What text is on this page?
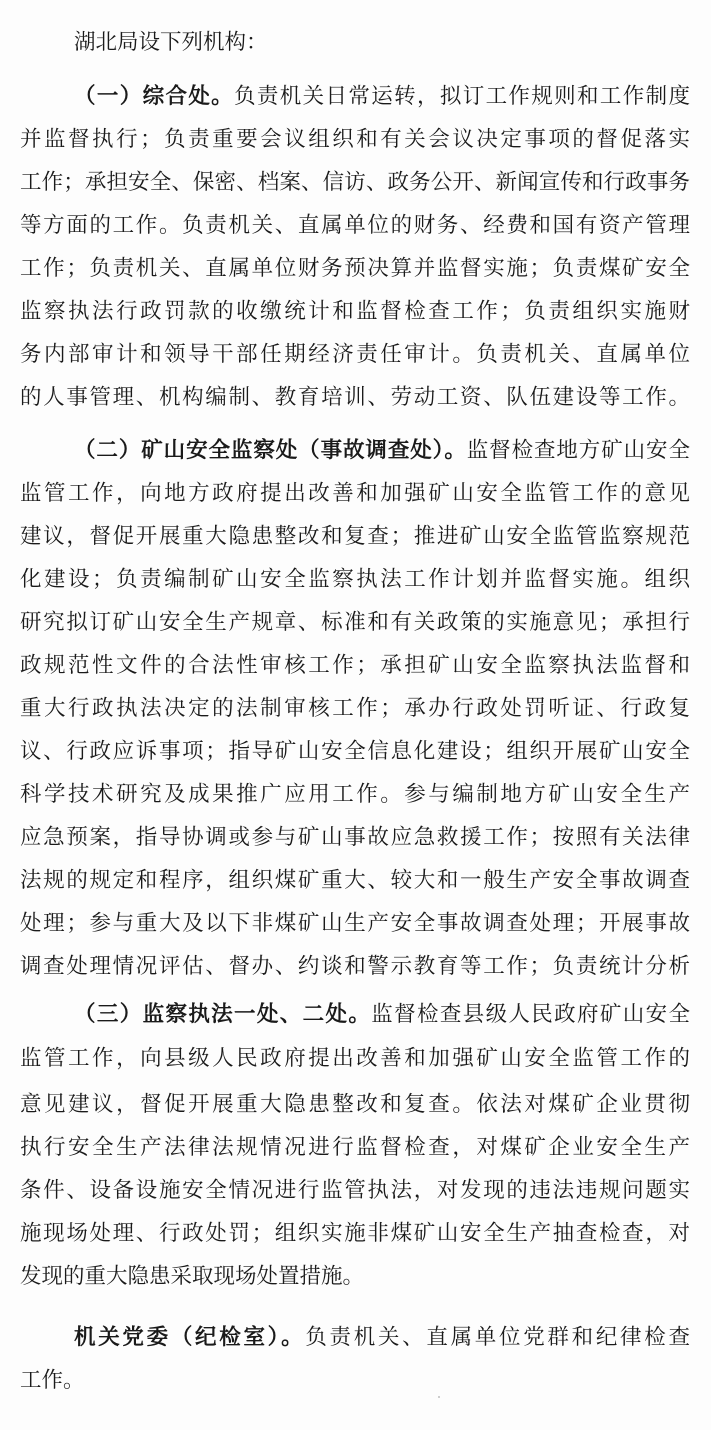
湖北局设下列机构：
（一）综合处。负责机关日常运转，拟订工作规则和工作制度
并监督执行；负责重要会议组织和有关会议决定事项的督促落实
工作；承担安全、保密、档案、信访、政务公开、新闻宣传和行政事务
等方面的工作。负责机关、直属单位的财务、经费和国有资产管理
工作；负责机关、直属单位财务预决算并监督实施；负责煤矿安全
监察执法行政罚款的收缴统计和监督检查工作；负责组织实施财
务内部审计和领导干部任期经济责任审计。负责机关、直属单位
的人事管理、机构编制、教育培训、劳动工资、队伍建设等工作。
（二）矿山安全监察处（事故调查处）。监督检查地方矿山安全
监管工作，向地方政府提出改善和加强矿山安全监管工作的意见
建议，督促开展重大隐患整改和复查；推进矿山安全监管监察规范
化建设；负责编制矿山安全监察执法工作计划并监督实施。组织
研究拟订矿山安全生产规章、标准和有关政策的实施意见；承担行
政规范性文件的合法性审核工作；承担矿山安全监察执法监督和
重大行政执法决定的法制审核工作；承办行政处罚听证、行政复
议、行政应诉事项；指导矿山安全信息化建设；组织开展矿山安全
科学技术研究及成果推广应用工作。参与编制地方矿山安全生产
应急预案，指导协调或参与矿山事故应急救援工作；按照有关法律
法规的规定和程序，组织煤矿重大、较大和一般生产安全事故调查
处理；参与重大及以下非煤矿山生产安全事故调查处理；开展事故
调查处理情况评估、督办、约谈和警示教育等工作；负责统计分析
（三）监察执法一处、二处。监督检查县级人民政府矿山安全
监管工作，向县级人民政府提出改善和加强矿山安全监管工作的
意见建议，督促开展重大隐患整改和复查。依法对煤矿企业贯彻
执行安全生产法律法规情况进行监督检查，对煤矿企业安全生产
条件、设备设施安全情况进行监管执法，对发现的违法违规问题实
施现场处理、行政处罚；组织实施非煤矿山安全生产抽查检查，对
发现的重大隐患采取现场处置措施。
机关党委（纪检室）。负责机关、直属单位党群和纪律检查
工作。
